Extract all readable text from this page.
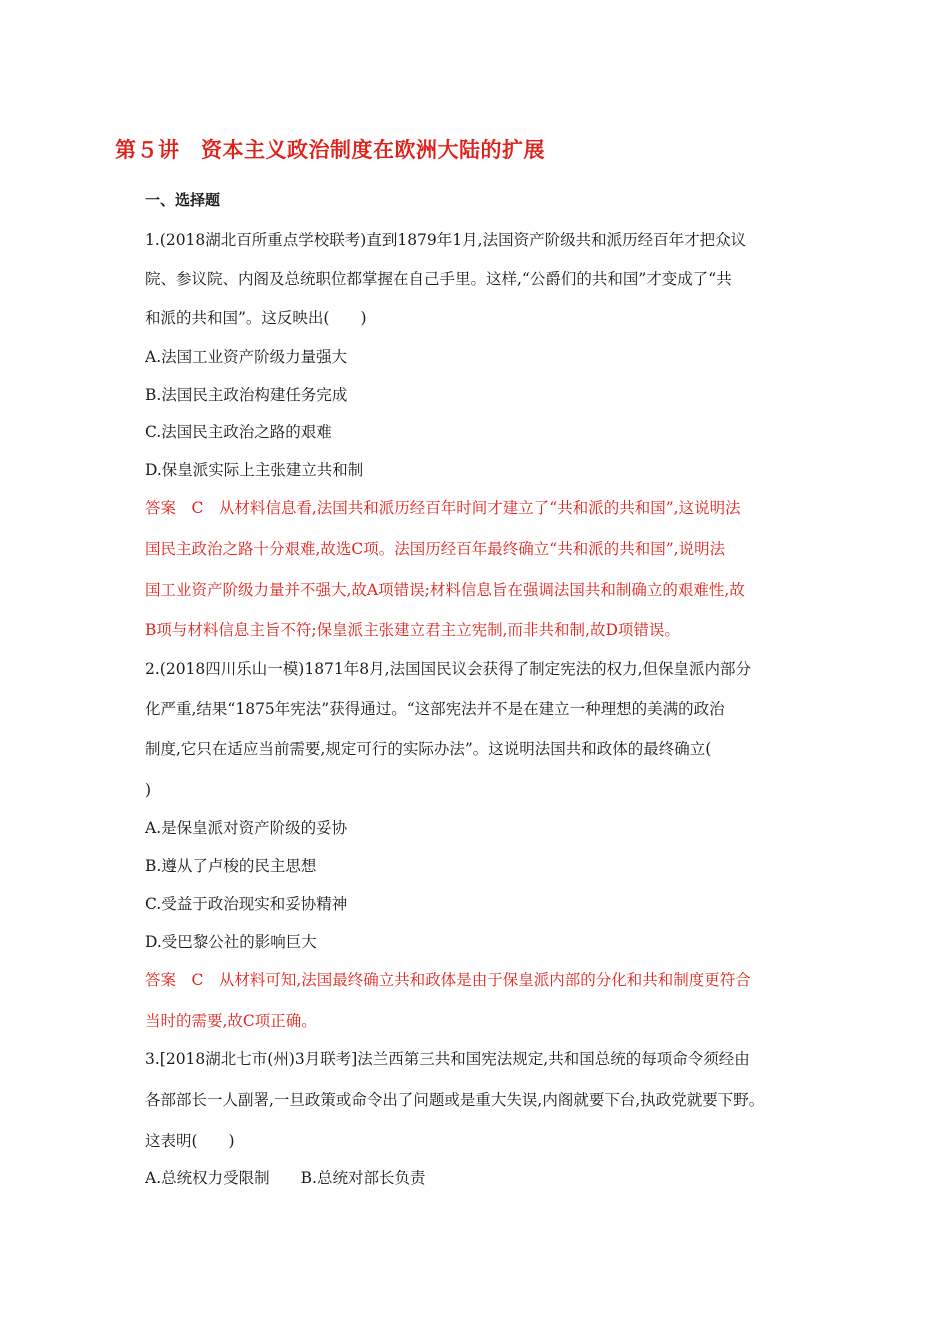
第５讲　资本主义政治制度在欧洲大陆的扩展
一、选择题
1.(2018湖北百所重点学校联考)直到1879年1月,法国资产阶级共和派历经百年才把众议
院、参议院、内阁及总统职位都掌握在自己手里。这样,“公爵们的共和国”才变成了“共
和派的共和国”。这反映出(　　)
A.法国工业资产阶级力量强大
B.法国民主政治构建任务完成
C.法国民主政治之路的艰难
D.保皇派实际上主张建立共和制
答案　C　从材料信息看,法国共和派历经百年时间才建立了“共和派的共和国”,这说明法
国民主政治之路十分艰难,故选C项。法国历经百年最终确立“共和派的共和国”,说明法
国工业资产阶级力量并不强大,故A项错误;材料信息旨在强调法国共和制确立的艰难性,故
B项与材料信息主旨不符;保皇派主张建立君主立宪制,而非共和制,故D项错误。
2.(2018四川乐山一模)1871年8月,法国国民议会获得了制定宪法的权力,但保皇派内部分
化严重,结果“1875年宪法”获得通过。“这部宪法并不是在建立一种理想的美满的政治
制度,它只在适应当前需要,规定可行的实际办法”。这说明法国共和政体的最终确立(
)
A.是保皇派对资产阶级的妥协
B.遵从了卢梭的民主思想
C.受益于政治现实和妥协精神
D.受巴黎公社的影响巨大
答案　C　从材料可知,法国最终确立共和政体是由于保皇派内部的分化和共和制度更符合
当时的需要,故C项正确。
3.[2018湖北七市(州)3月联考]法兰西第三共和国宪法规定,共和国总统的每项命令须经由
各部部长一人副署,一旦政策或命令出了问题或是重大失误,内阁就要下台,执政党就要下野。
这表明(　　)
A.总统权力受限制　　B.总统对部长负责
